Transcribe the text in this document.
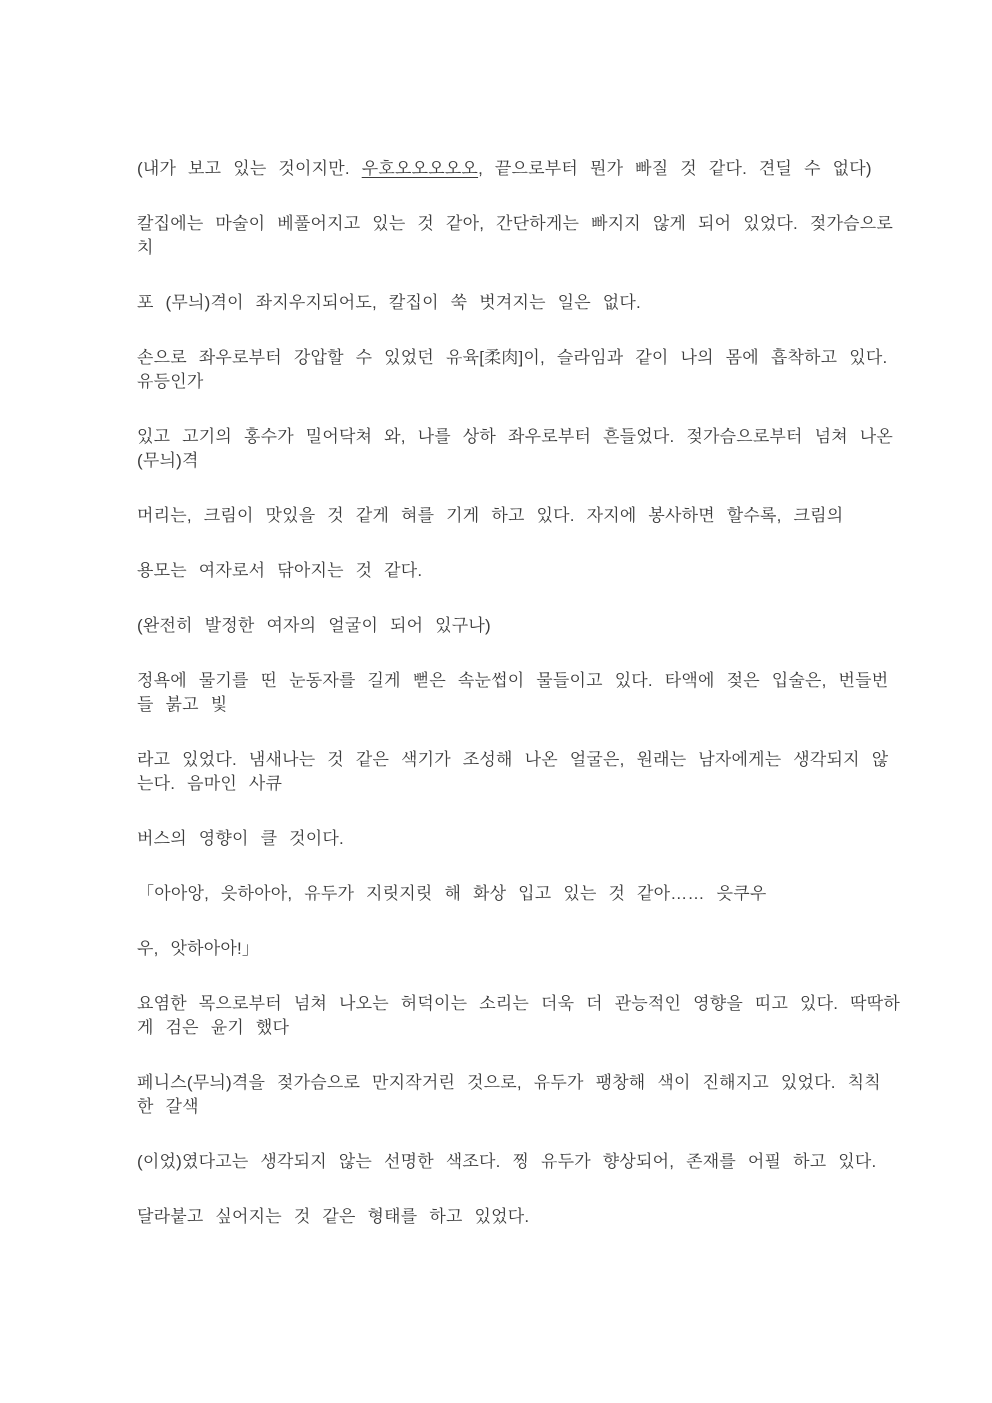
(내가 보고 있는 것이지만. 우호오오오오오, 끝으로부터 뭔가 빠질 것 같다. 견딜 수 없다)
칼집에는 마술이 베풀어지고 있는 것 같아, 간단하게는 빠지지 않게 되어 있었다. 젖가슴으로
치
포 (무늬)격이 좌지우지되어도, 칼집이 쑥 벗겨지는 일은 없다.
손으로 좌우로부터 강압할 수 있었던 유육[柔肉]이, 슬라임과 같이 나의 몸에 흡착하고 있다.
유등인가
있고 고기의 홍수가 밀어닥쳐 와, 나를 상하 좌우로부터 흔들었다. 젖가슴으로부터 넘쳐 나온
(무늬)격
머리는, 크림이 맛있을 것 같게 혀를 기게 하고 있다. 자지에 봉사하면 할수록, 크림의
용모는 여자로서 닦아지는 것 같다.
(완전히 발정한 여자의 얼굴이 되어 있구나)
정욕에 물기를 띤 눈동자를 길게 뻗은 속눈썹이 물들이고 있다. 타액에 젖은 입술은, 번들번
들 붉고 빛
라고 있었다. 냄새나는 것 같은 색기가 조성해 나온 얼굴은, 원래는 남자에게는 생각되지 않
는다. 음마인 사큐
버스의 영향이 클 것이다.
「아아앙, 읏하아아, 유두가 지릿지릿 해 화상 입고 있는 것 같아…… 읏쿠우
우, 앗하아아!」
요염한 목으로부터 넘쳐 나오는 허덕이는 소리는 더욱 더 관능적인 영향을 띠고 있다. 딱딱하
게 검은 윤기 했다
페니스(무늬)격을 젖가슴으로 만지작거린 것으로, 유두가 팽창해 색이 진해지고 있었다. 칙칙
한 갈색
(이었)였다고는 생각되지 않는 선명한 색조다. 찡 유두가 향상되어, 존재를 어필 하고 있다.
달라붙고 싶어지는 것 같은 형태를 하고 있었다.
